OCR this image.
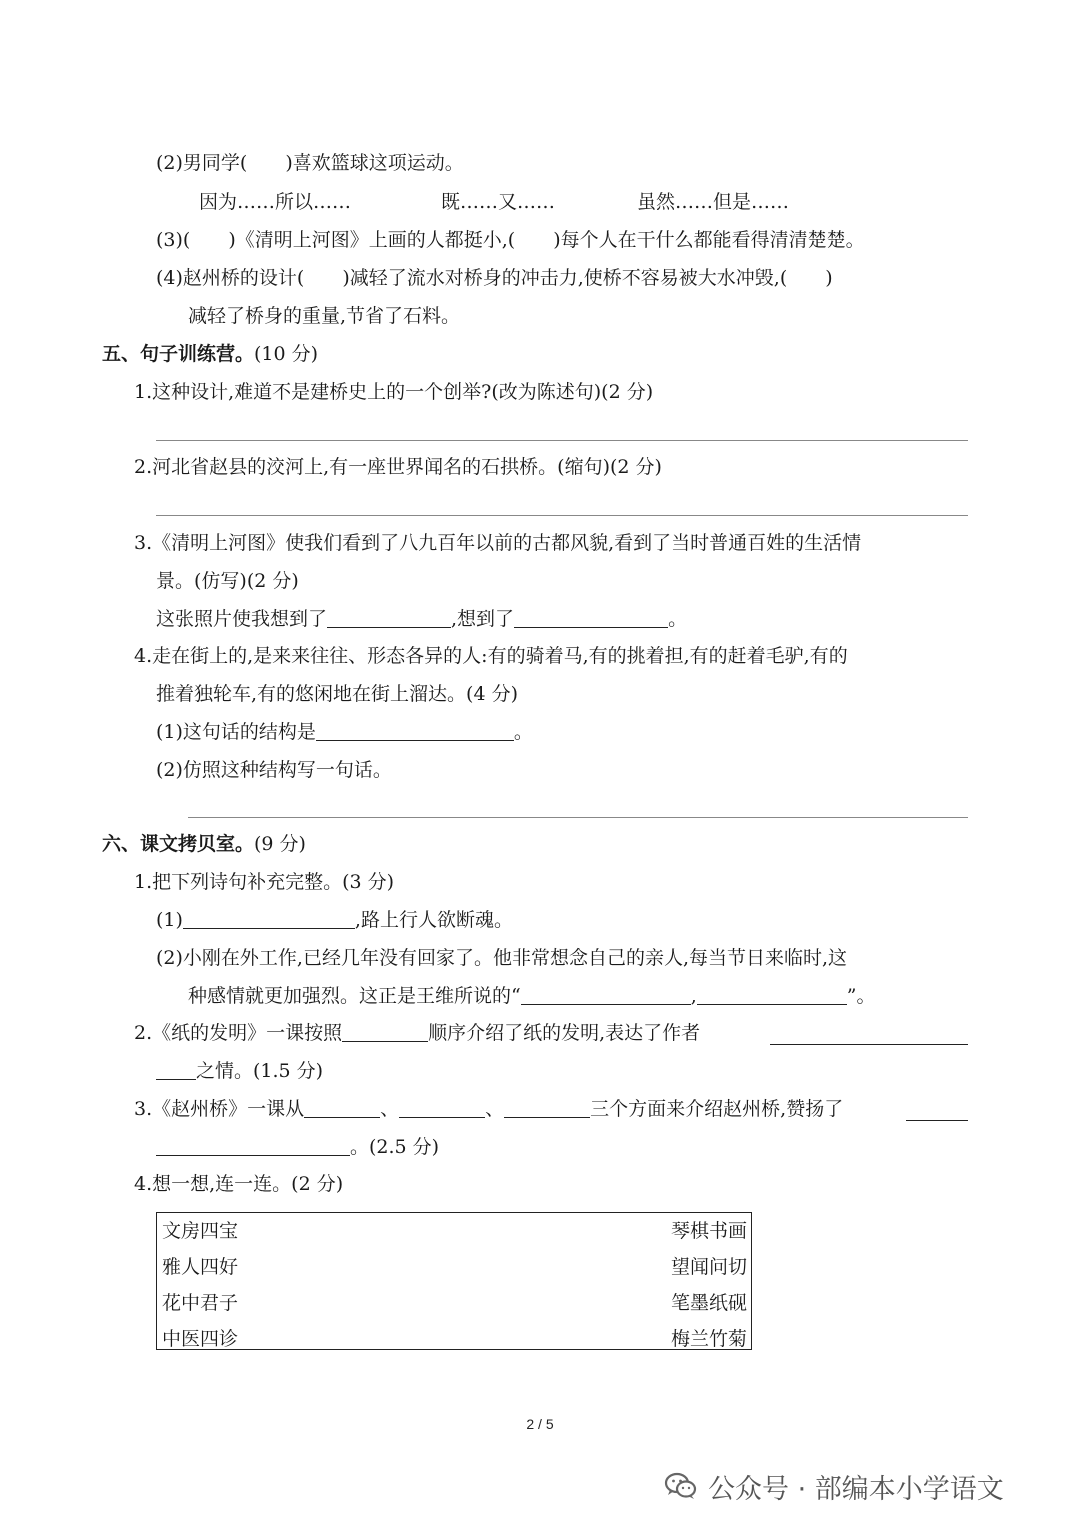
(2)男同学(　　)喜欢篮球这项运动。
因为……所以……	既……又……	虽然……但是……
(3)(　　)《清明上河图》上画的人都挺小,(　　)每个人在干什么都能看得清清楚楚。
(4)赵州桥的设计(　　)减轻了流水对桥身的冲击力,使桥不容易被大水冲毁,(　　)
减轻了桥身的重量,节省了石料。
五、句子训练营。(10 分)
1.这种设计,难道不是建桥史上的一个创举?(改为陈述句)(2 分)
2.河北省赵县的洨河上,有一座世界闻名的石拱桥。(缩句)(2 分)
3.《清明上河图》使我们看到了八九百年以前的古都风貌,看到了当时普通百姓的生活情
景。(仿写)(2 分)
这张照片使我想到了	,想到了	。
4.走在街上的,是来来往往、形态各异的人:有的骑着马,有的挑着担,有的赶着毛驴,有的
推着独轮车,有的悠闲地在街上溜达。(4 分)
(1)这句话的结构是	。
(2)仿照这种结构写一句话。
六、课文拷贝室。(9 分)
1.把下列诗句补充完整。(3 分)
(1)	,路上行人欲断魂。
(2)小刚在外工作,已经几年没有回家了。他非常想念自己的亲人,每当节日来临时,这
种感情就更加强烈。这正是王维所说的“	,	”。
2.《纸的发明》一课按照	顺序介绍了纸的发明,表达了作者
之情。(1.5 分)
3.《赵州桥》一课从	、	、	三个方面来介绍赵州桥,赞扬了
。(2.5 分)
4.想一想,连一连。(2 分)
文房四宝	琴棋书画
雅人四好	望闻问切
花中君子	笔墨纸砚
中医四诊	梅兰竹菊
2 / 5
公众号 · 部编本小学语文
